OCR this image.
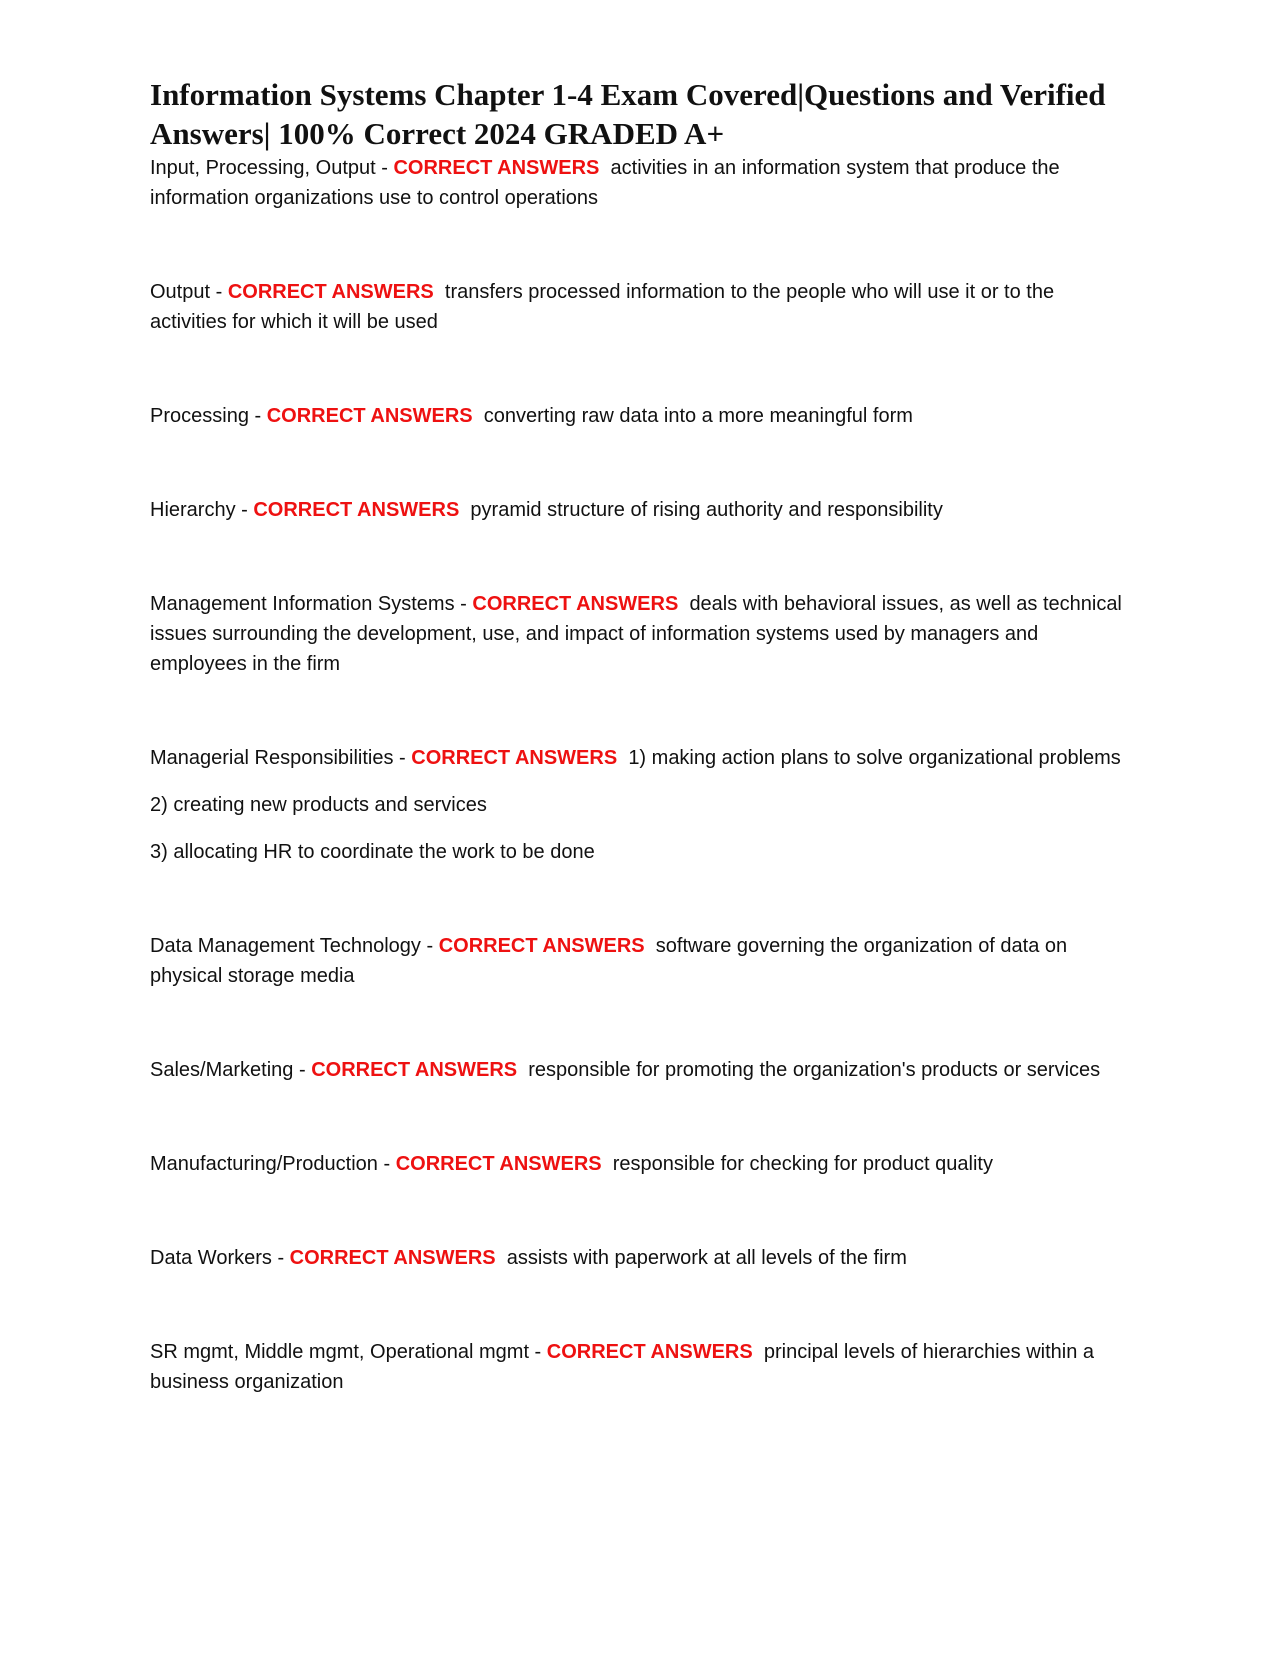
Information Systems Chapter 1-4 Exam Covered|Questions and Verified Answers| 100% Correct 2024 GRADED A+

Input, Processing, Output - CORRECT ANSWERS activities in an information system that produce the information organizations use to control operations

Output - CORRECT ANSWERS transfers processed information to the people who will use it or to the activities for which it will be used

Processing - CORRECT ANSWERS converting raw data into a more meaningful form

Hierarchy - CORRECT ANSWERS pyramid structure of rising authority and responsibility

Management Information Systems - CORRECT ANSWERS deals with behavioral issues, as well as technical issues surrounding the development, use, and impact of information systems used by managers and employees in the firm

Managerial Responsibilities - CORRECT ANSWERS 1) making action plans to solve organizational problems

2) creating new products and services

3) allocating HR to coordinate the work to be done

Data Management Technology - CORRECT ANSWERS software governing the organization of data on physical storage media

Sales/Marketing - CORRECT ANSWERS responsible for promoting the organization's products or services

Manufacturing/Production - CORRECT ANSWERS responsible for checking for product quality

Data Workers - CORRECT ANSWERS assists with paperwork at all levels of the firm

SR mgmt, Middle mgmt, Operational mgmt - CORRECT ANSWERS principal levels of hierarchies within a business organization
